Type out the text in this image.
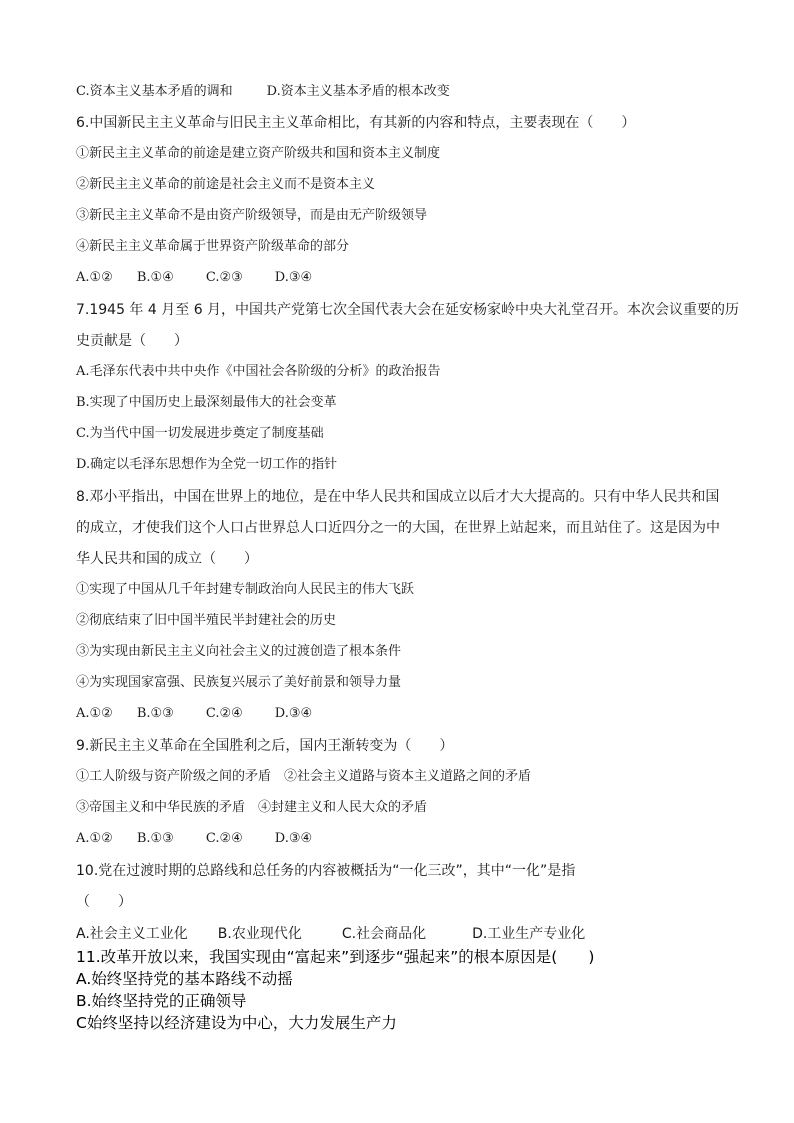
C.资本主义基本矛盾的调和	D.资本主义基本矛盾的根本改变
6.中国新民主主义革命与旧民主主义革命相比，有其新的内容和特点，主要表现在（　　）
①新民主主义革命的前途是建立资产阶级共和国和资本主义制度
②新民主主义革命的前途是社会主义而不是资本主义
③新民主主义革命不是由资产阶级领导，而是由无产阶级领导
④新民主主义革命属于世界资产阶级革命的部分
A.①② B.①④ C.②③ D.③④
7.1945 年 4 月至 6 月，中国共产党第七次全国代表大会在延安杨家岭中央大礼堂召开。本次会议重要的历
史贡献是（　　）
A.毛泽东代表中共中央作《中国社会各阶级的分析》的政治报告
B.实现了中国历史上最深刻最伟大的社会变革
C.为当代中国一切发展进步奠定了制度基础
D.确定以毛泽东思想作为全党一切工作的指针
8.邓小平指出，中国在世界上的地位，是在中华人民共和国成立以后才大大提高的。只有中华人民共和国
的成立，才使我们这个人口占世界总人口近四分之一的大国，在世界上站起来，而且站住了。这是因为中
华人民共和国的成立（　　）
①实现了中国从几千年封建专制政治向人民民主的伟大飞跃
②彻底结束了旧中国半殖民半封建社会的历史
③为实现由新民主主义向社会主义的过渡创造了根本条件
④为实现国家富强、民族复兴展示了美好前景和领导力量
A.①② B.①③ C.②④ D.③④
9.新民主主义革命在全国胜利之后，国内王渐转变为（　　）
①工人阶级与资产阶级之间的矛盾　②社会主义道路与资本主义道路之间的矛盾
③帝国主义和中华民族的矛盾　④封建主义和人民大众的矛盾
A.①② B.①③ C.②④ D.③④
10.党在过渡时期的总路线和总任务的内容被概括为“一化三改”，其中“一化”是指
（　　）
A.社会主义工业化 B.农业现代化	C.社会商品化	D.工业生产专业化
11.改革开放以来，我国实现由“富起来”到逐步“强起来”的根本原因是(　　)
A.始终坚持党的基本路线不动摇
B.始终坚持党的正确领导
C始终坚持以经济建设为中心，大力发展生产力
